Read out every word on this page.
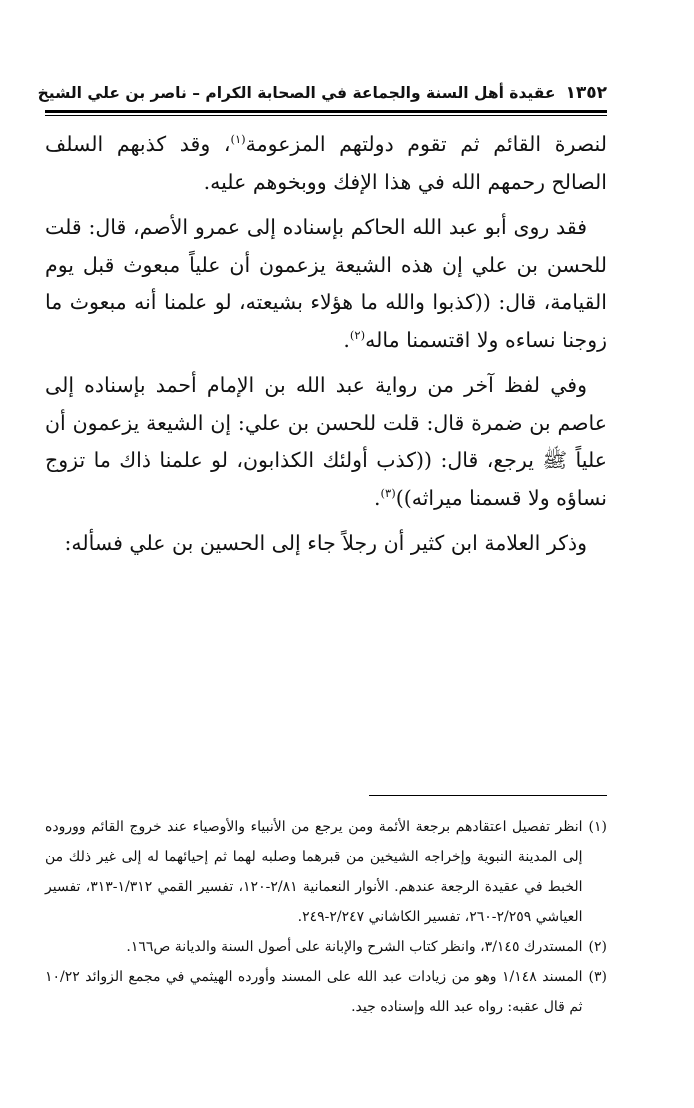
١٣٥٢
عقيدة أهل السنة والجماعة في الصحابة الكرام – ناصر بن علي الشيخ

لنصرة القائم ثم تقوم دولتهم المزعومة$^{(١)}$، وقد كذبهم السلف الصالح رحمهم الله في هذا الإفك ووبخوهم عليه.

فقد روى أبو عبد الله الحاكم بإسناده إلى عمرو الأصم، قال: قلت للحسن بن علي إن هذه الشيعة يزعمون أن علياً مبعوث قبل يوم القيامة، قال: ((كذبوا والله ما هؤلاء بشيعته، لو علمنا أنه مبعوث ما زوجنا نساءه ولا اقتسمنا ماله$^{(٢)}$.

وفي لفظ آخر من رواية عبد الله بن الإمام أحمد بإسناده إلى عاصم بن ضمرة قال: قلت للحسن بن علي: إن الشيعة يزعمون أن علياً ﷺ يرجع، قال: ((كذب أولئك الكذابون، لو علمنا ذاك ما تزوج نساؤه ولا قسمنا ميراثه))$^{(٣)}$.

وذكر العلامة ابن كثير أن رجلاً جاء إلى الحسين بن علي فسأله:

(١)
انظر تفصيل اعتقادهم برجعة الأئمة ومن يرجع من الأنبياء والأوصياء عند خروج القائم ووروده إلى المدينة النبوية وإخراجه الشيخين من قبرهما وصلبه لهما ثم إحيائهما له إلى غير ذلك من الخبط في عقيدة الرجعة عندهم. الأنوار النعمانية ٢/٨١-١٢٠، تفسير القمي ١/٣١٢-٣١٣، تفسير العياشي ٢/٢٥٩-٢٦٠، تفسير الكاشاني ٢/٢٤٧-٢٤٩.
(٢)
المستدرك ٣/١٤٥، وانظر كتاب الشرح والإبانة على أصول السنة والديانة ص١٦٦.
(٣)
المسند ١/١٤٨ وهو من زيادات عبد الله على المسند وأورده الهيثمي في مجمع الزوائد ١٠/٢٢ ثم قال عقبه: رواه عبد الله وإسناده جيد.
